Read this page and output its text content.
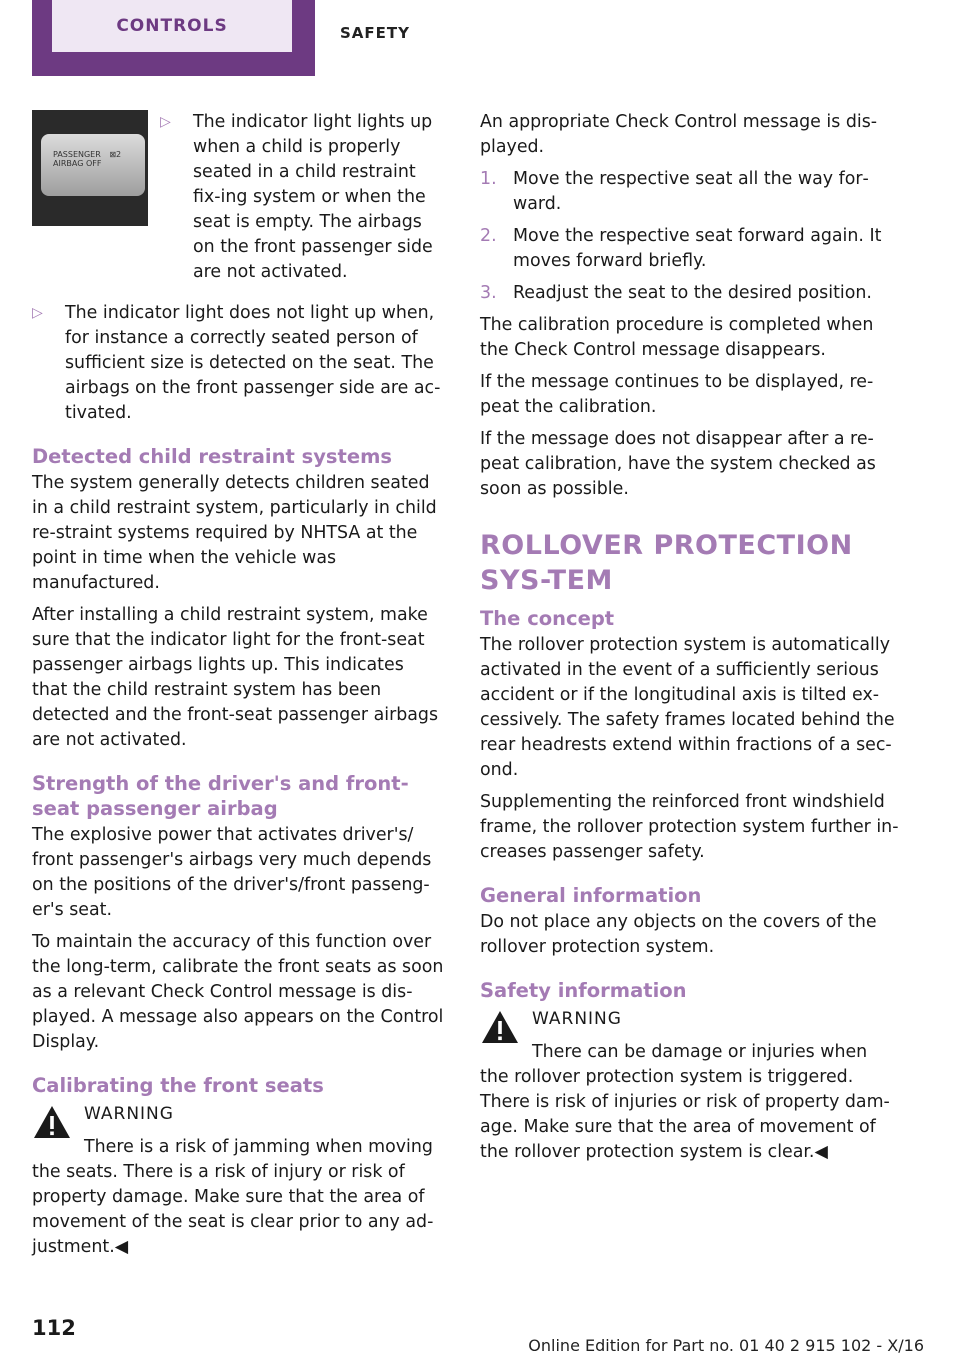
CONTROLS	SAFETY
PASSENGER ⊠2
AIRBAG OFF
▷	The indicator light lights up when a child is properly seated in a child restraint fix‐ing system or when the seat is empty. The airbags on the front passenger side are not activated.
▷	The indicator light does not light up when, for instance a correctly seated person of sufficient size is detected on the seat. The airbags on the front passenger side are ac‐tivated.
Detected child restraint systems

The system generally detects children seated in a child restraint system, particularly in child re‐straint systems required by NHTSA at the point in time when the vehicle was manufactured.

After installing a child restraint system, make sure that the indicator light for the front-seat passenger airbags lights up. This indicates that the child restraint system has been detected and the front-seat passenger airbags are not activated.

Strength of the driver's and front-seat passenger airbag

The explosive power that activates driver's/ front passenger's airbags very much depends on the positions of the driver's/front passeng‐er's seat.

To maintain the accuracy of this function over the long-term, calibrate the front seats as soon as a relevant Check Control message is dis‐played. A message also appears on the Control Display.

Calibrating the front seats
WARNING
There is a risk of jamming when moving

the seats. There is a risk of injury or risk of property damage. Make sure that the area of movement of the seat is clear prior to any ad‐justment.◀

An appropriate Check Control message is dis‐played.

1. Move the respective seat all the way for‐ward.
2. Move the respective seat forward again. It moves forward briefly.
3. Readjust the seat to the desired position.

The calibration procedure is completed when the Check Control message disappears.

If the message continues to be displayed, re‐peat the calibration.

If the message does not disappear after a re‐peat calibration, have the system checked as soon as possible.

ROLLOVER PROTECTION SYS‐TEM
The concept

The rollover protection system is automatically activated in the event of a sufficiently serious accident or if the longitudinal axis is tilted ex‐cessively. The safety frames located behind the rear headrests extend within fractions of a sec‐ond.

Supplementing the reinforced front windshield frame, the rollover protection system further in‐creases passenger safety.

General information

Do not place any objects on the covers of the rollover protection system.

Safety information
WARNING
There can be damage or injuries when

the rollover protection system is triggered. There is risk of injuries or risk of property dam‐age. Make sure that the area of movement of the rollover protection system is clear.◀

112
Online Edition for Part no. 01 40 2 915 102 - X/16
